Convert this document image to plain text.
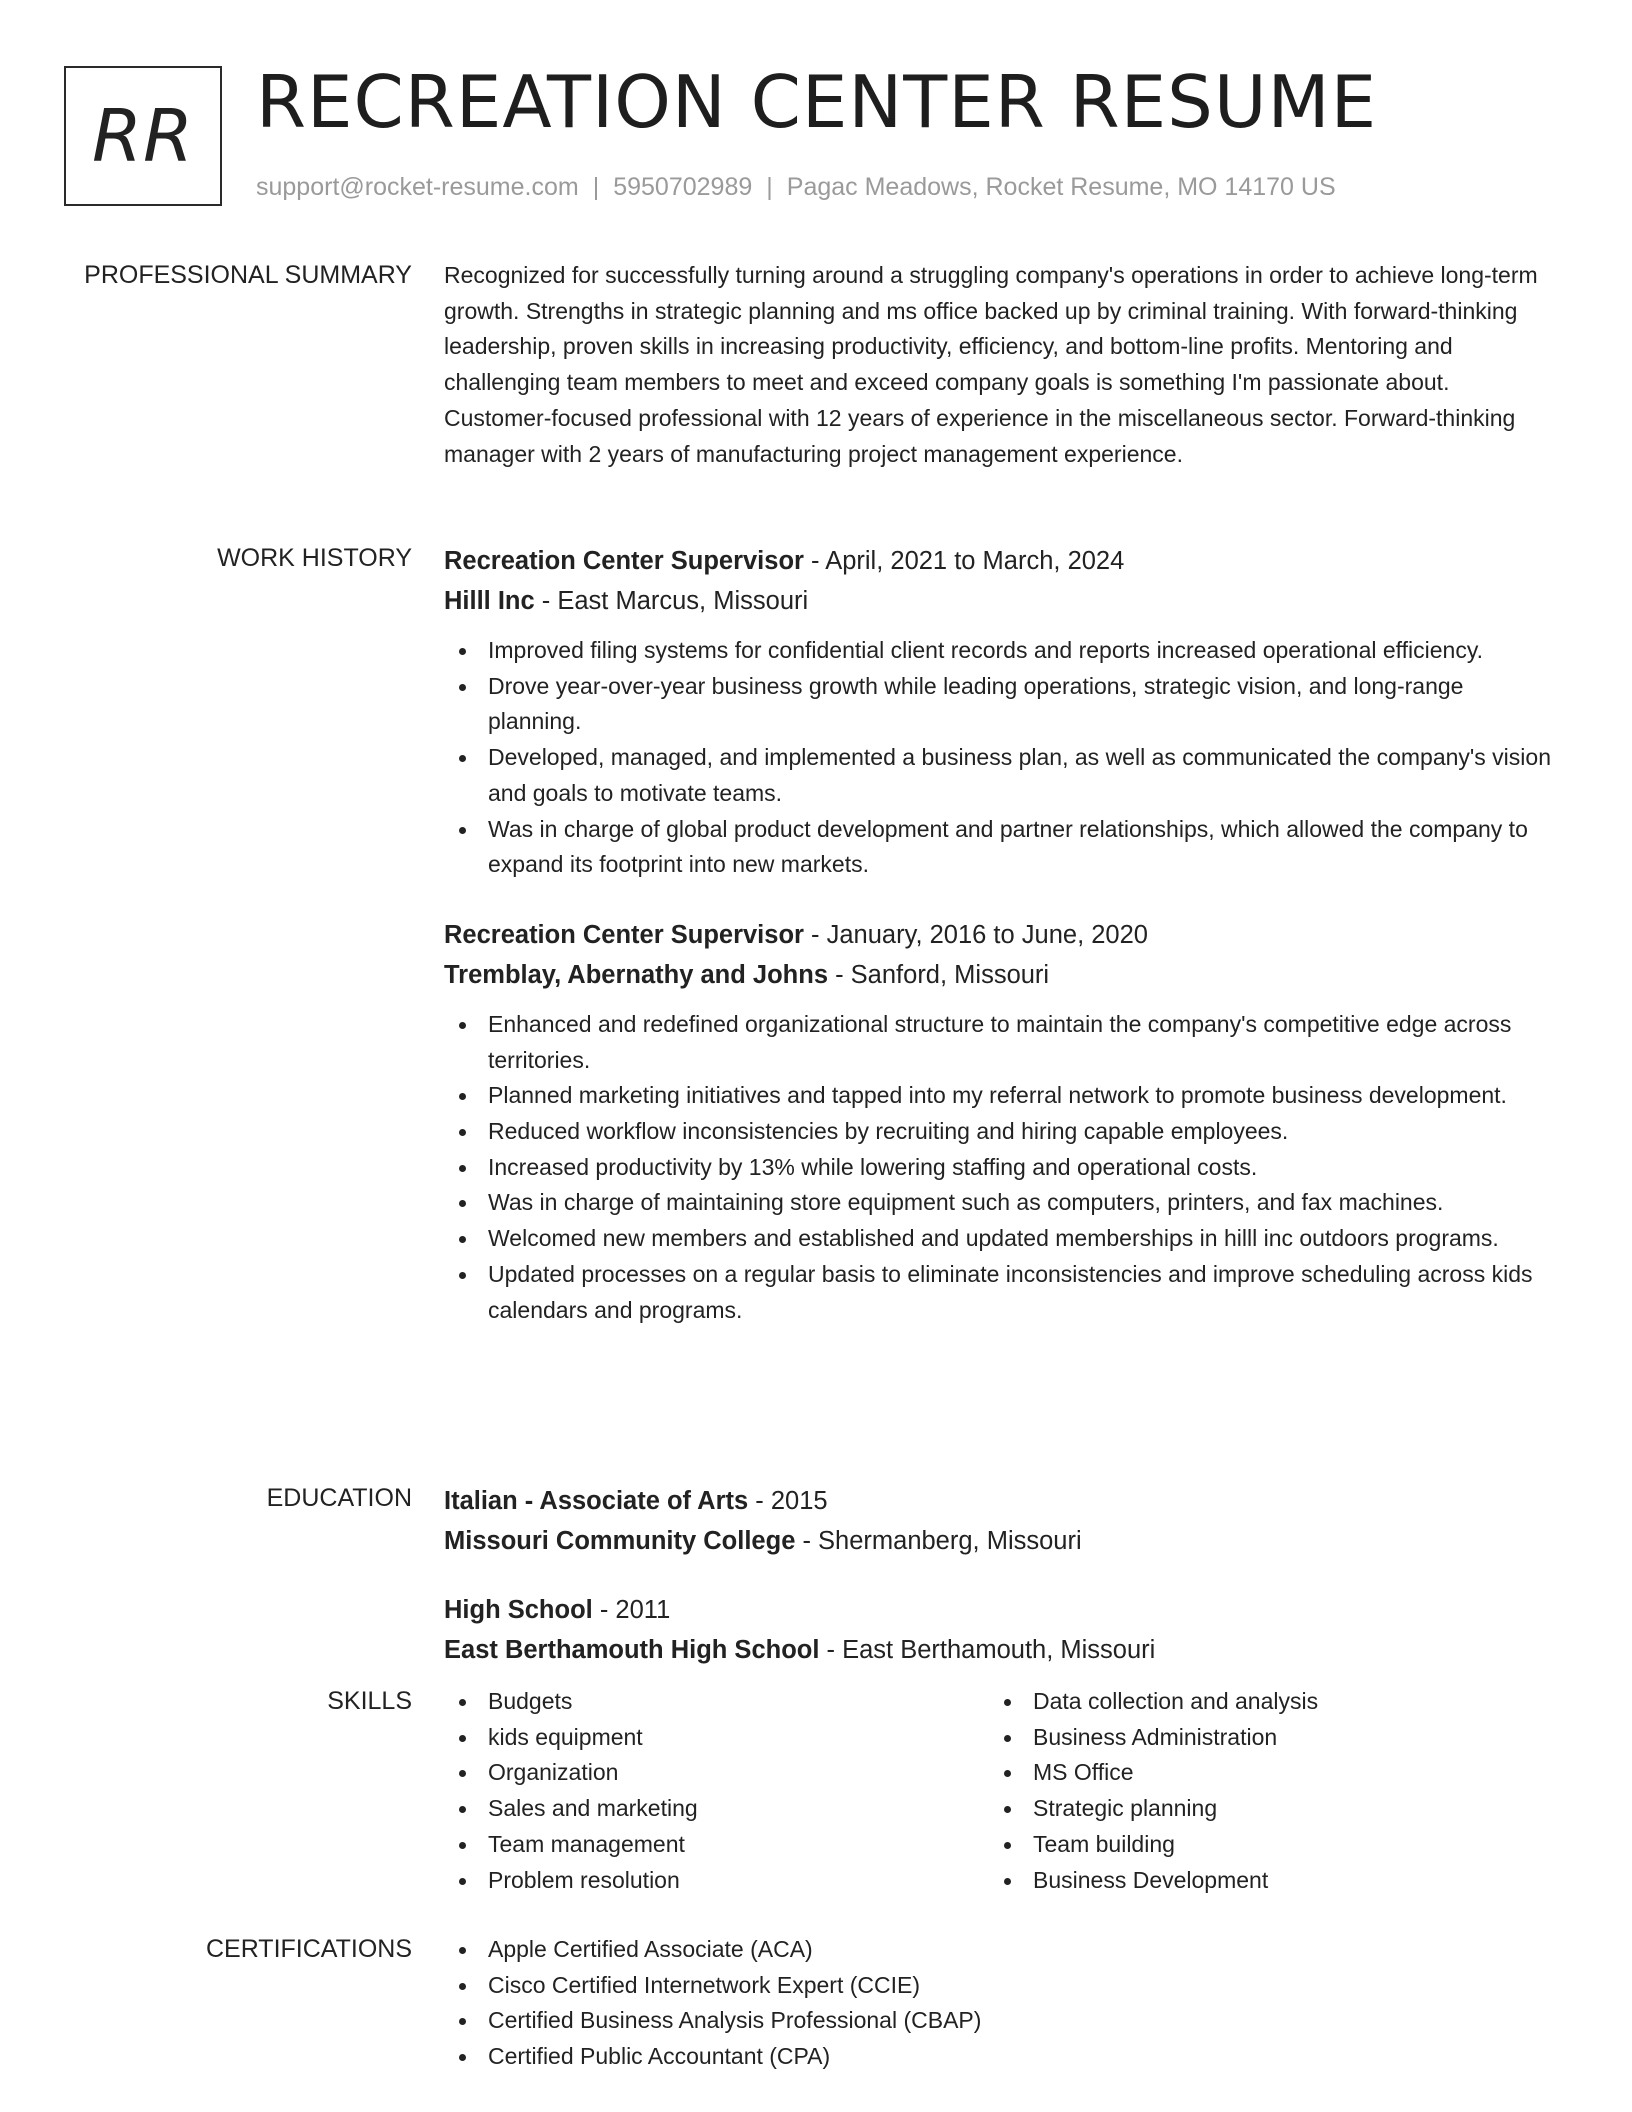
RR RECREATION CENTER RESUME
support@rocket-resume.com | 5950702989 | Pagac Meadows, Rocket Resume, MO 14170 US
PROFESSIONAL SUMMARY Recognized for successfully turning around a struggling company's operations in order to achieve long-term growth. Strengths in strategic planning and ms office backed up by criminal training. With forward-thinking leadership, proven skills in increasing productivity, efficiency, and bottom-line profits. Mentoring and challenging team members to meet and exceed company goals is something I'm passionate about. Customer-focused professional with 12 years of experience in the miscellaneous sector. Forward-thinking manager with 2 years of manufacturing project management experience.

WORK HISTORY Recreation Center Supervisor - April, 2021 to March, 2024

Hilll Inc - East Marcus, Missouri

Improved filing systems for confidential client records and reports increased operational efficiency.
Drove year-over-year business growth while leading operations, strategic vision, and long-range planning.
Developed, managed, and implemented a business plan, as well as communicated the company's vision and goals to motivate teams.
Was in charge of global product development and partner relationships, which allowed the company to expand its footprint into new markets.

Recreation Center Supervisor - January, 2016 to June, 2020

Tremblay, Abernathy and Johns - Sanford, Missouri

Enhanced and redefined organizational structure to maintain the company's competitive edge across territories.
Planned marketing initiatives and tapped into my referral network to promote business development.
Reduced workflow inconsistencies by recruiting and hiring capable employees.
Increased productivity by 13% while lowering staffing and operational costs.
Was in charge of maintaining store equipment such as computers, printers, and fax machines.
Welcomed new members and established and updated memberships in hilll inc outdoors programs.
Updated processes on a regular basis to eliminate inconsistencies and improve scheduling across kids calendars and programs.
EDUCATION Italian - Associate of Arts - 2015

Missouri Community College - Shermanberg, Missouri

High School - 2011

East Berthamouth High School - East Berthamouth, Missouri

SKILLS	Budgets
kids equipment
Organization
Sales and marketing
Team management
Problem resolution
Data collection and analysis
Business Administration
MS Office
Strategic planning
Team building
Business Development
CERTIFICATIONS	Apple Certified Associate (ACA)
Cisco Certified Internetwork Expert (CCIE)
Certified Business Analysis Professional (CBAP)
Certified Public Accountant (CPA)
